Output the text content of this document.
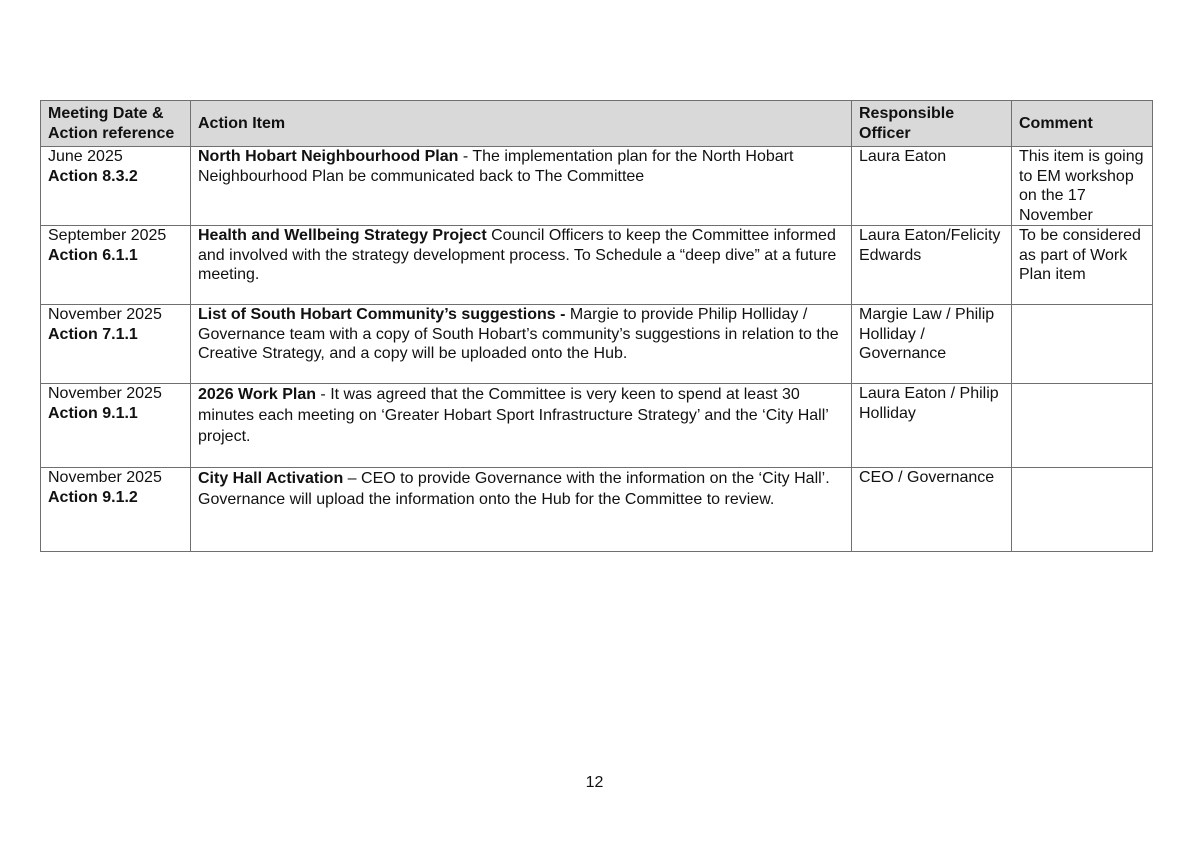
Meeting Date & Action reference	Action Item	Responsible Officer	Comment

June 2025
Action 8.3.2	North Hobart Neighbourhood Plan - The implementation plan for the North Hobart Neighbourhood Plan be communicated back to The Committee	Laura Eaton	This item is going to EM workshop on the 17 November

September 2025
Action 6.1.1	Health and Wellbeing Strategy Project Council Officers to keep the Committee informed and involved with the strategy development process. To Schedule a “deep dive” at a future meeting.	Laura Eaton/Felicity Edwards	To be considered as part of Work Plan item

November 2025
Action 7.1.1	List of South Hobart Community’s suggestions - Margie to provide Philip Holliday / Governance team with a copy of South Hobart’s community’s suggestions in relation to the Creative Strategy, and a copy will be uploaded onto the Hub.	Margie Law / Philip Holliday / Governance	

November 2025
Action 9.1.1	2026 Work Plan - It was agreed that the Committee is very keen to spend at least 30 minutes each meeting on ‘Greater Hobart Sport Infrastructure Strategy’ and the ‘City Hall’ project.	Laura Eaton / Philip Holliday	

November 2025
Action 9.1.2	City Hall Activation – CEO to provide Governance with the information on the ‘City Hall’. Governance will upload the information onto the Hub for the Committee to review.	CEO / Governance	
12
